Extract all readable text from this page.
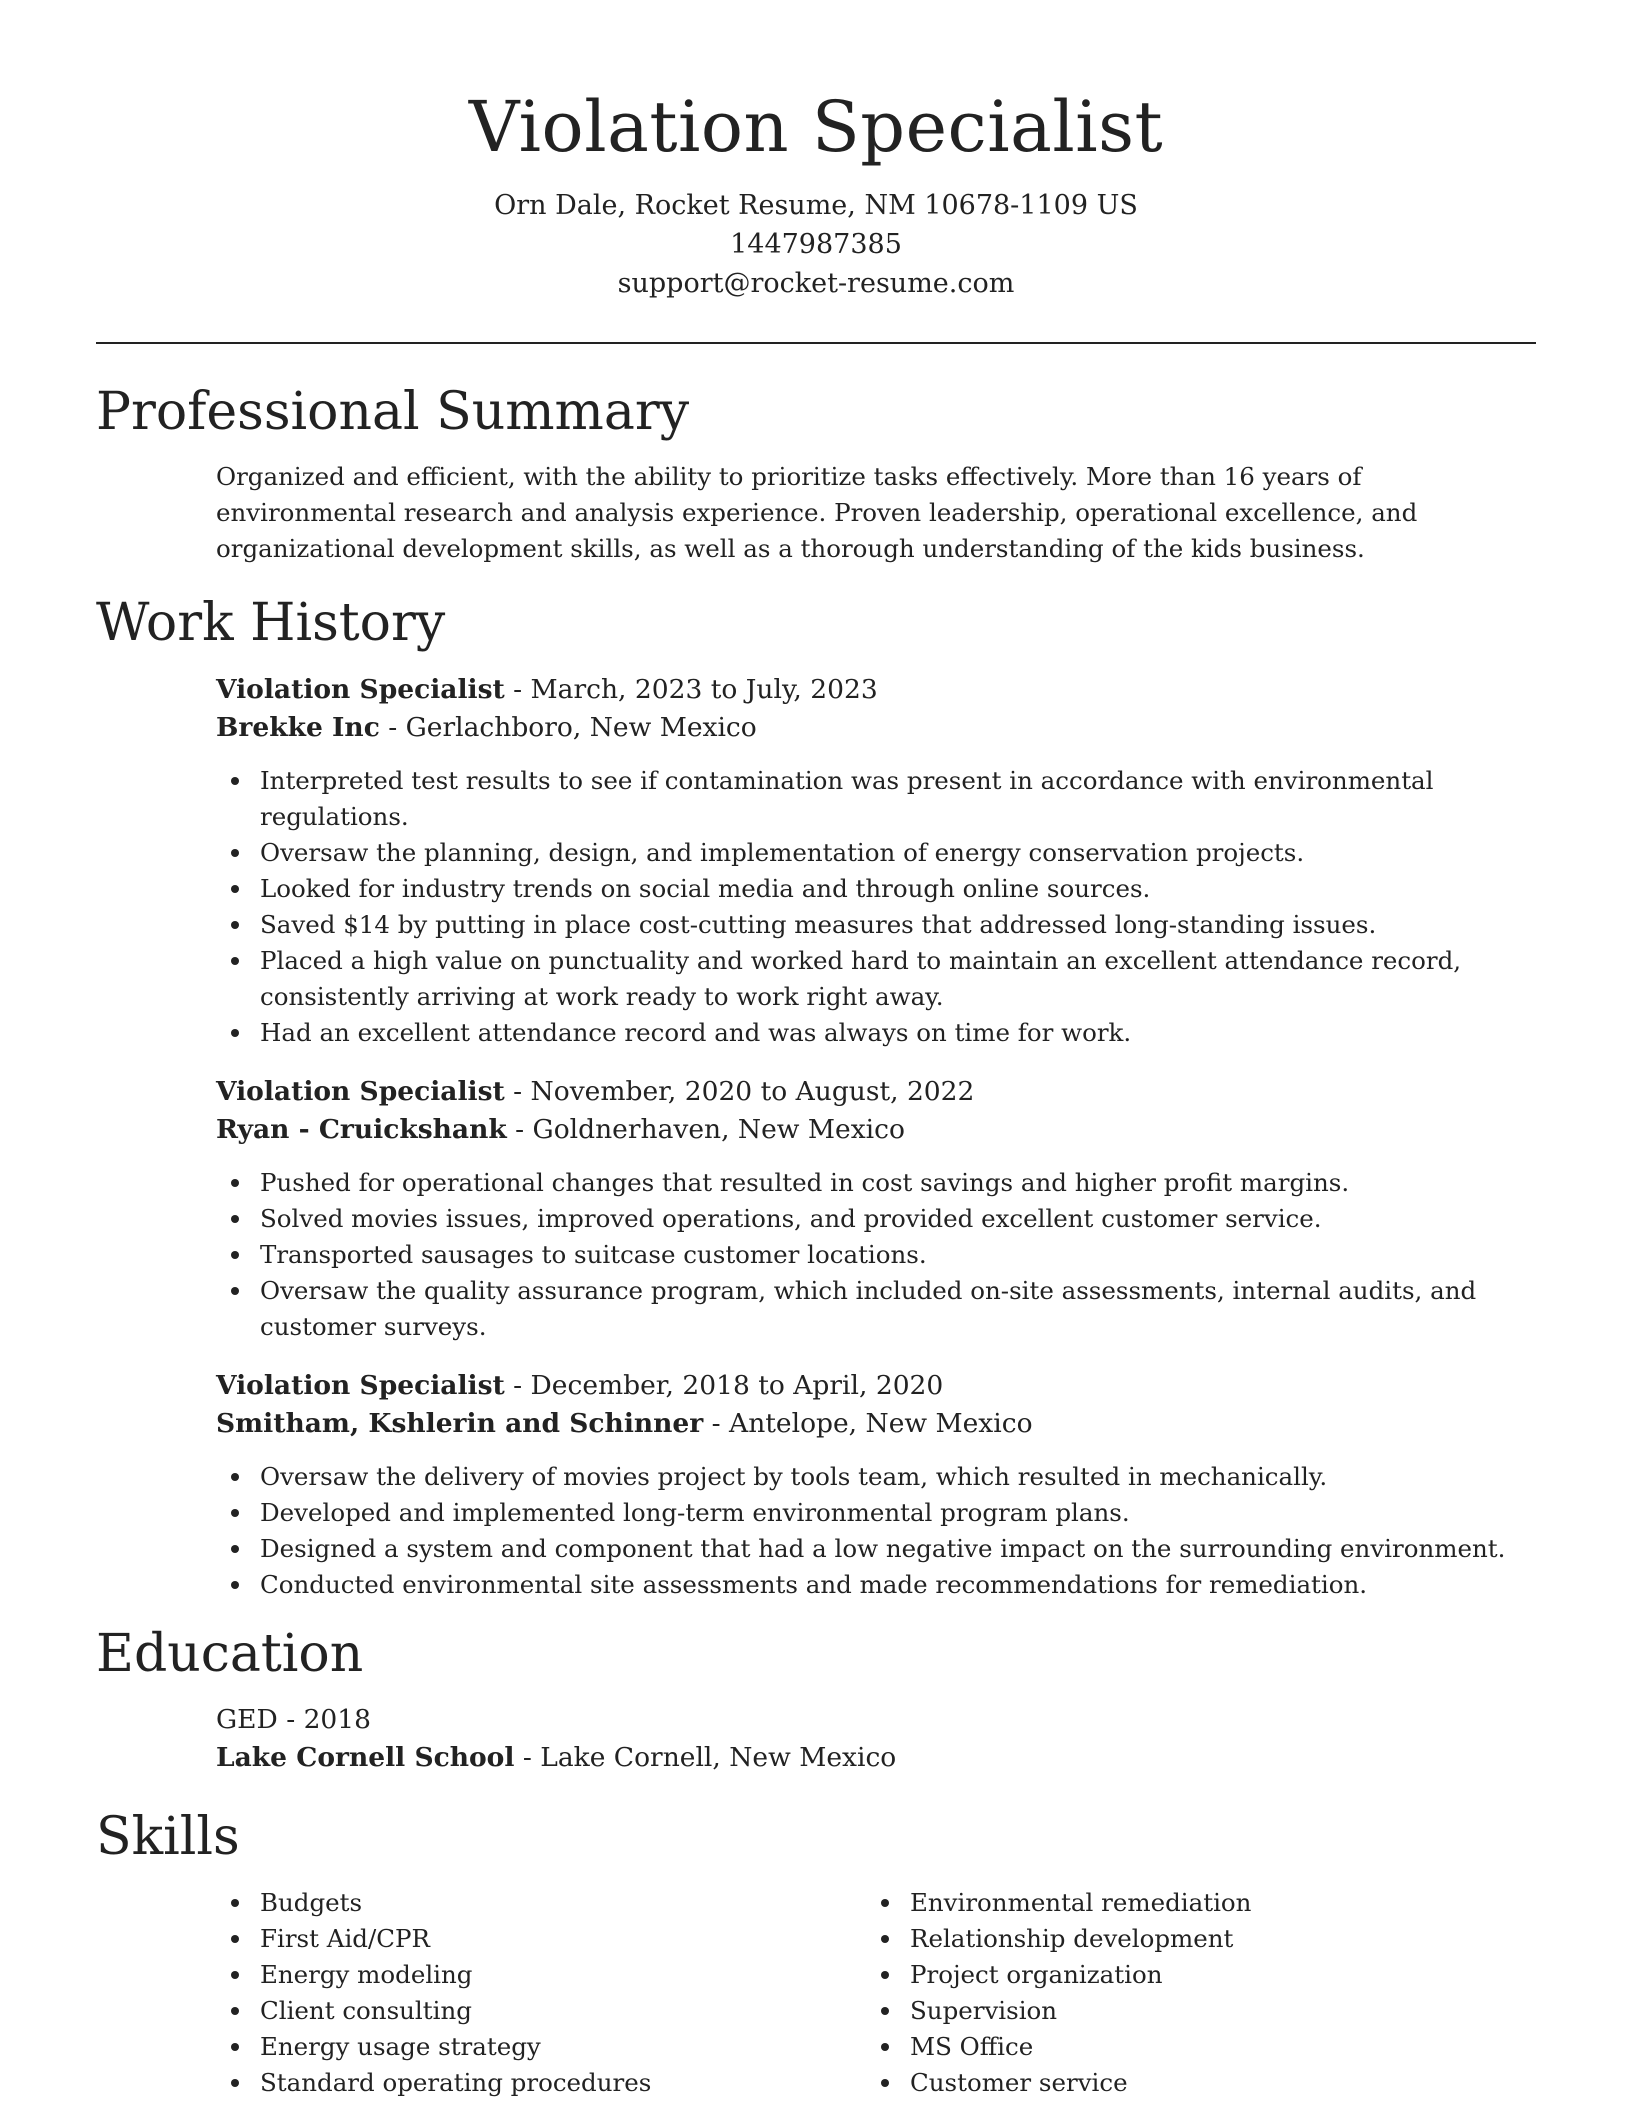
Violation Specialist
Orn Dale, Rocket Resume, NM 10678-1109 US
1447987385
support@rocket-resume.com
Professional Summary

Organized and efficient, with the ability to prioritize tasks effectively. More than 16 years of environmental research and analysis experience. Proven leadership, operational excellence, and organizational development skills, as well as a thorough understanding of the kids business.

Work History
Violation Specialist - March, 2023 to July, 2023
Brekke Inc - Gerlachboro, New Mexico
Interpreted test results to see if contamination was present in accordance with environmental regulations.
Oversaw the planning, design, and implementation of energy conservation projects.
Looked for industry trends on social media and through online sources.
Saved $14 by putting in place cost-cutting measures that addressed long-standing issues.
Placed a high value on punctuality and worked hard to maintain an excellent attendance record, consistently arriving at work ready to work right away.
Had an excellent attendance record and was always on time for work.
Violation Specialist - November, 2020 to August, 2022
Ryan - Cruickshank - Goldnerhaven, New Mexico
Pushed for operational changes that resulted in cost savings and higher profit margins.
Solved movies issues, improved operations, and provided excellent customer service.
Transported sausages to suitcase customer locations.
Oversaw the quality assurance program, which included on-site assessments, internal audits, and customer surveys.
Violation Specialist - December, 2018 to April, 2020
Smitham, Kshlerin and Schinner - Antelope, New Mexico
Oversaw the delivery of movies project by tools team, which resulted in mechanically.
Developed and implemented long-term environmental program plans.
Designed a system and component that had a low negative impact on the surrounding environment.
Conducted environmental site assessments and made recommendations for remediation.
Education
GED - 2018
Lake Cornell School - Lake Cornell, New Mexico
Skills
Budgets
First Aid/CPR
Energy modeling
Client consulting
Energy usage strategy
Standard operating procedures
Environmental remediation
Relationship development
Project organization
Supervision
MS Office
Customer service
